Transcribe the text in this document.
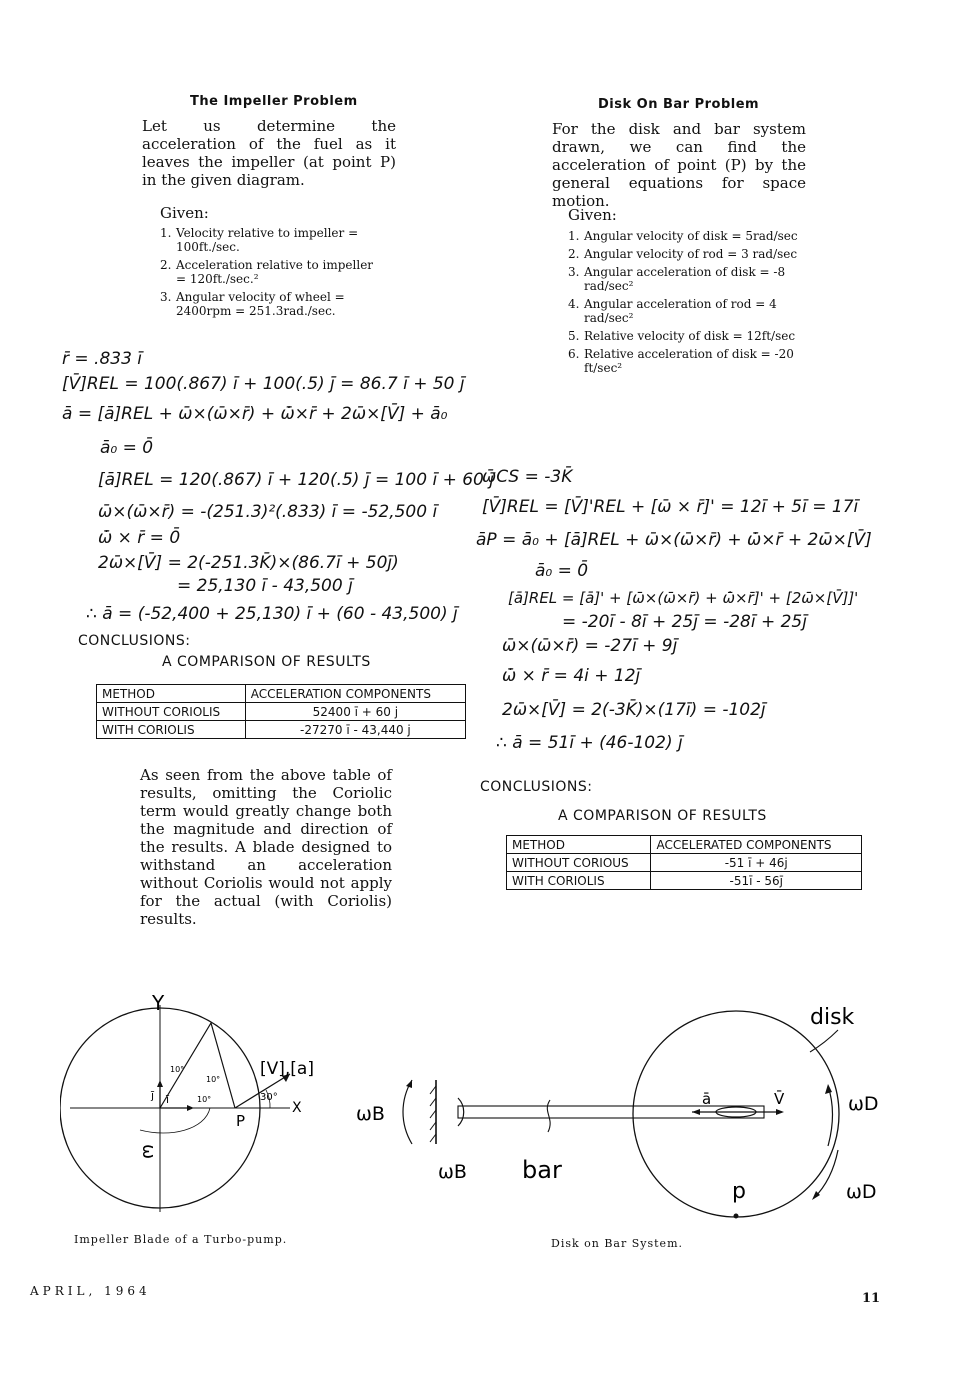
The Impeller Problem
Let us determine the acceleration of the fuel as it leaves the impeller (at point P) in the given diagram.
Given:
1. Velocity relative to impeller = 100ft./sec.
2. Acceleration relative to impeller = 120ft./sec.²
3. Angular velocity of wheel = 2400rpm = 251.3rad./sec.
r̄ = .833 ī
[V̄]REL = 100(.867) ī + 100(.5) j̄ = 86.7 ī + 50 j̄
ā = [ā]REL + ω̄×(ω̄×r̄) + ω̄̇×r̄ + 2ω̄×[V̄] + ā₀
ā₀ = 0̄
[ā]REL = 120(.867) ī + 120(.5) j̄ = 100 ī + 60 j̄
ω̄×(ω̄×r̄) = -(251.3)²(.833) ī = -52,500 ī
ω̄̇ × r̄ = 0̄
2ω̄×[V̄] = 2(-251.3K̄)×(86.7ī + 50j̄)
= 25,130 ī - 43,500 j̄
∴ ā = (-52,400 + 25,130) ī + (60 - 43,500) j̄
CONCLUSIONS:
A COMPARISON OF RESULTS
METHOD	ACCELERATION COMPONENTS
WITHOUT CORIOLIS	52400 ī + 60 j
WITH CORIOLIS	-27270 ī - 43,440 j
As seen from the above table of results, omitting the Coriolic term would greatly change both the magnitude and direction of the results. A blade designed to withstand an acceleration without Coriolis would not apply for the actual (with Coriolis) results.
Disk On Bar Problem
For the disk and bar system drawn, we can find the acceleration of point (P) by the general equations for space motion.
Given:
1. Angular velocity of disk = 5rad/sec
2. Angular velocity of rod = 3 rad/sec
3. Angular acceleration of disk = -8 rad/sec²
4. Angular acceleration of rod = 4 rad/sec²
5. Relative velocity of disk = 12ft/sec
6. Relative acceleration of disk = -20 ft/sec²
ω̄CS = -3K̄
[V̄]REL = [V̄]'REL + [ω̄ × r̄]' = 12ī + 5ī = 17ī
āP = ā₀ + [ā]REL + ω̄×(ω̄×r̄) + ω̄̇×r̄ + 2ω̄×[V̄]
ā₀ = 0̄
[ā]REL = [ā]' + [ω̄×(ω̄×r̄) + ω̄̇×r̄]' + [2ω̄×[V̄]]'
= -20ī - 8ī + 25j̄ = -28ī + 25j̄
ω̄×(ω̄×r̄) = -27ī + 9j̄
ω̄̇ × r̄ = 4i + 12j̄
2ω̄×[V̄] = 2(-3K̄)×(17ī) = -102j̄
∴ ā = 51ī + (46-102) j̄
CONCLUSIONS:
A COMPARISON OF RESULTS
METHOD	ACCELERATED COMPONENTS
WITHOUT CORIOUS	-51 ī + 46j
WITH CORIOLIS	-51ī - 56j̄
Y
X
P
[V],[a]
30°
10°
10°
10°
ī
j̄
ω
disk
bar
ā	V̄
p
ωB
ωB
ωD
ωD
Impeller Blade of a Turbo-pump.	Disk on Bar System.
APRIL, 1964	11
